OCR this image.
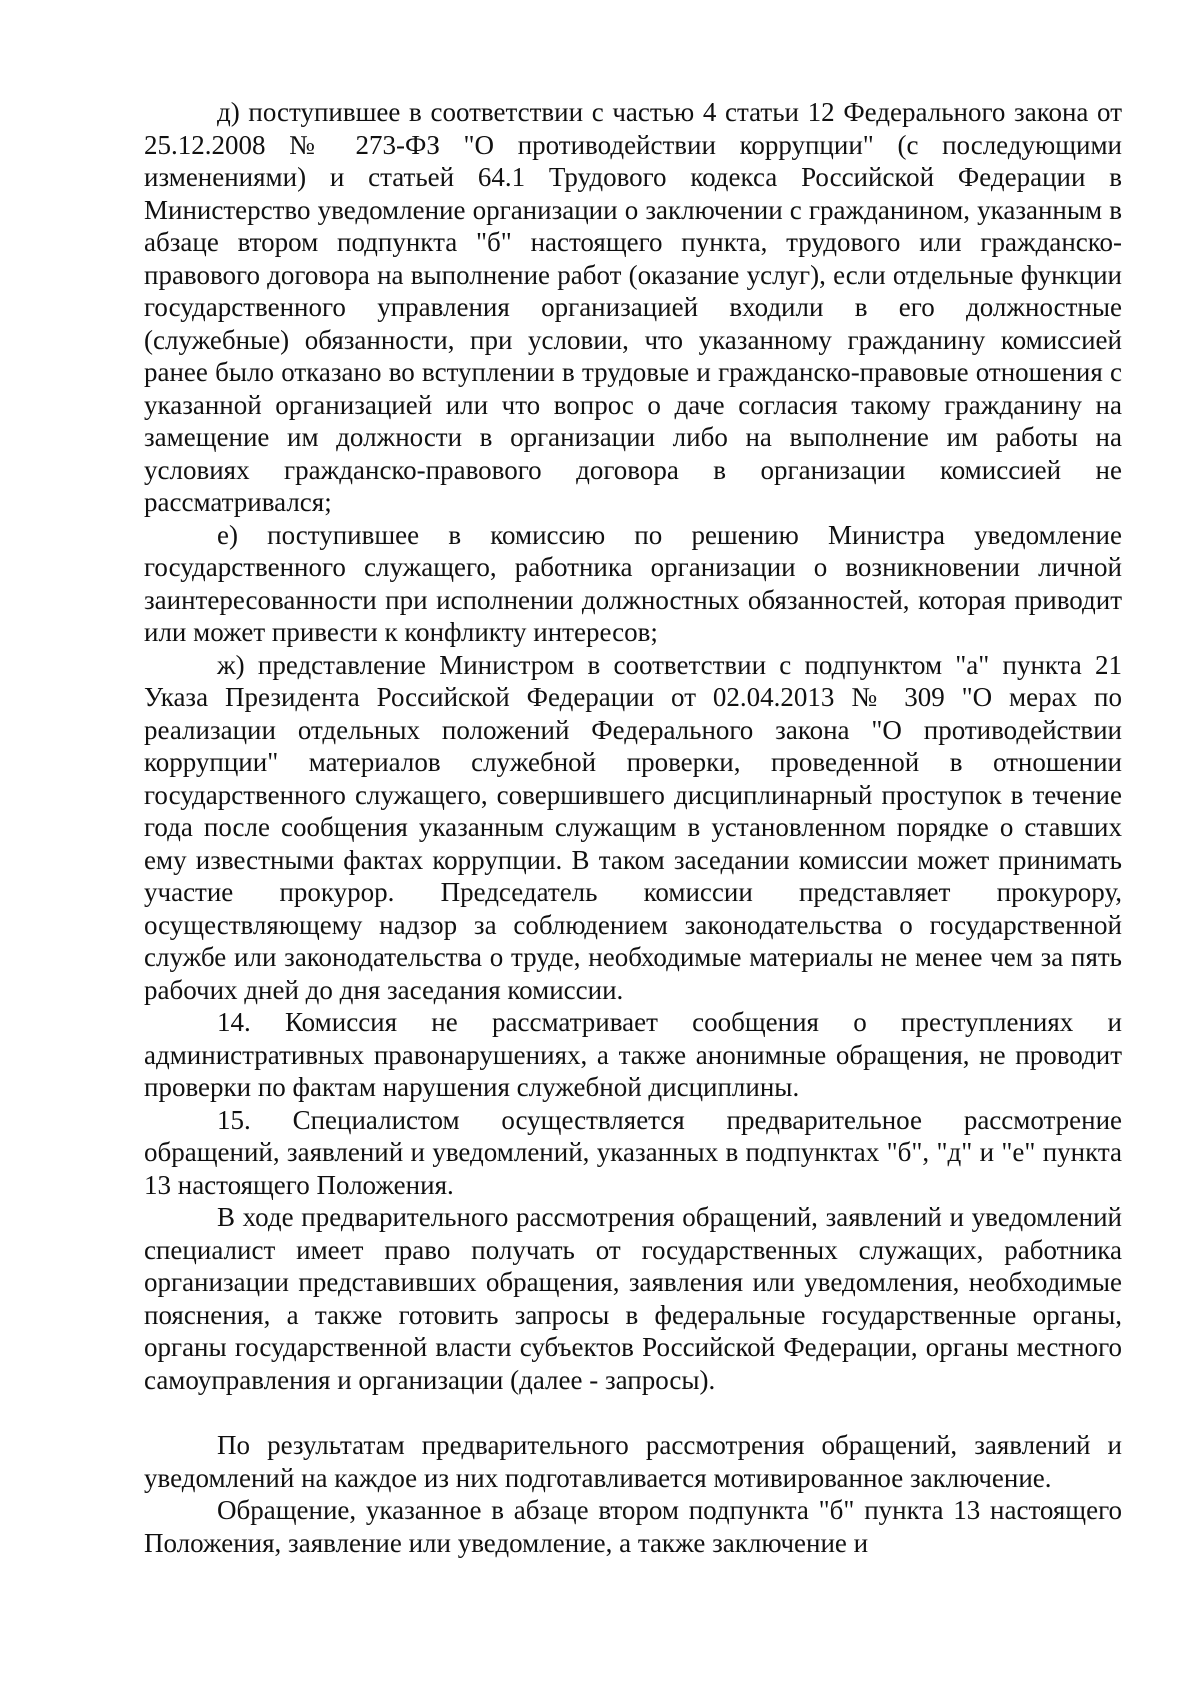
д) поступившее в соответствии с частью 4 статьи 12 Федерального закона от 25.12.2008 № 273-ФЗ "О противодействии коррупции" (с последующими изменениями) и статьей 64.1 Трудового кодекса Российской Федерации в Министерство уведомление организации о заключении с гражданином, указанным в абзаце втором подпункта "б" настоящего пункта, трудового или гражданско-правового договора на выполнение работ (оказание услуг), если отдельные функции государственного управления организацией входили в его должностные (служебные) обязанности, при условии, что указанному гражданину комиссией ранее было отказано во вступлении в трудовые и гражданско-правовые отношения с указанной организацией или что вопрос о даче согласия такому гражданину на замещение им должности в организации либо на выполнение им работы на условиях гражданско-правового договора в организации комиссией не рассматривался;

е) поступившее в комиссию по решению Министра уведомление государственного служащего, работника организации о возникновении личной заинтересованности при исполнении должностных обязанностей, которая приводит или может привести к конфликту интересов;

ж) представление Министром в соответствии с подпунктом "а" пункта 21 Указа Президента Российской Федерации от 02.04.2013 № 309 "О мерах по реализации отдельных положений Федерального закона "О противодействии коррупции" материалов служебной проверки, проведенной в отношении государственного служащего, совершившего дисциплинарный проступок в течение года после сообщения указанным служащим в установленном порядке о ставших ему известными фактах коррупции. В таком заседании комиссии может принимать участие прокурор. Председатель комиссии представляет прокурору, осуществляющему надзор за соблюдением законодательства о государственной службе или законодательства о труде, необходимые материалы не менее чем за пять рабочих дней до дня заседания комиссии.

14. Комиссия не рассматривает сообщения о преступлениях и административных правонарушениях, а также анонимные обращения, не проводит проверки по фактам нарушения служебной дисциплины.

15. Специалистом осуществляется предварительное рассмотрение обращений, заявлений и уведомлений, указанных в подпунктах "б", "д" и "е" пункта 13 настоящего Положения.

В ходе предварительного рассмотрения обращений, заявлений и уведомлений специалист имеет право получать от государственных служащих, работника организации представивших обращения, заявления или уведомления, необходимые пояснения, а также готовить запросы в федеральные государственные органы, органы государственной власти субъектов Российской Федерации, органы местного самоуправления и организации (далее - запросы).

По результатам предварительного рассмотрения обращений, заявлений и уведомлений на каждое из них подготавливается мотивированное заключение.

Обращение, указанное в абзаце втором подпункта "б" пункта 13 настоящего Положения, заявление или уведомление, а также заключение и
